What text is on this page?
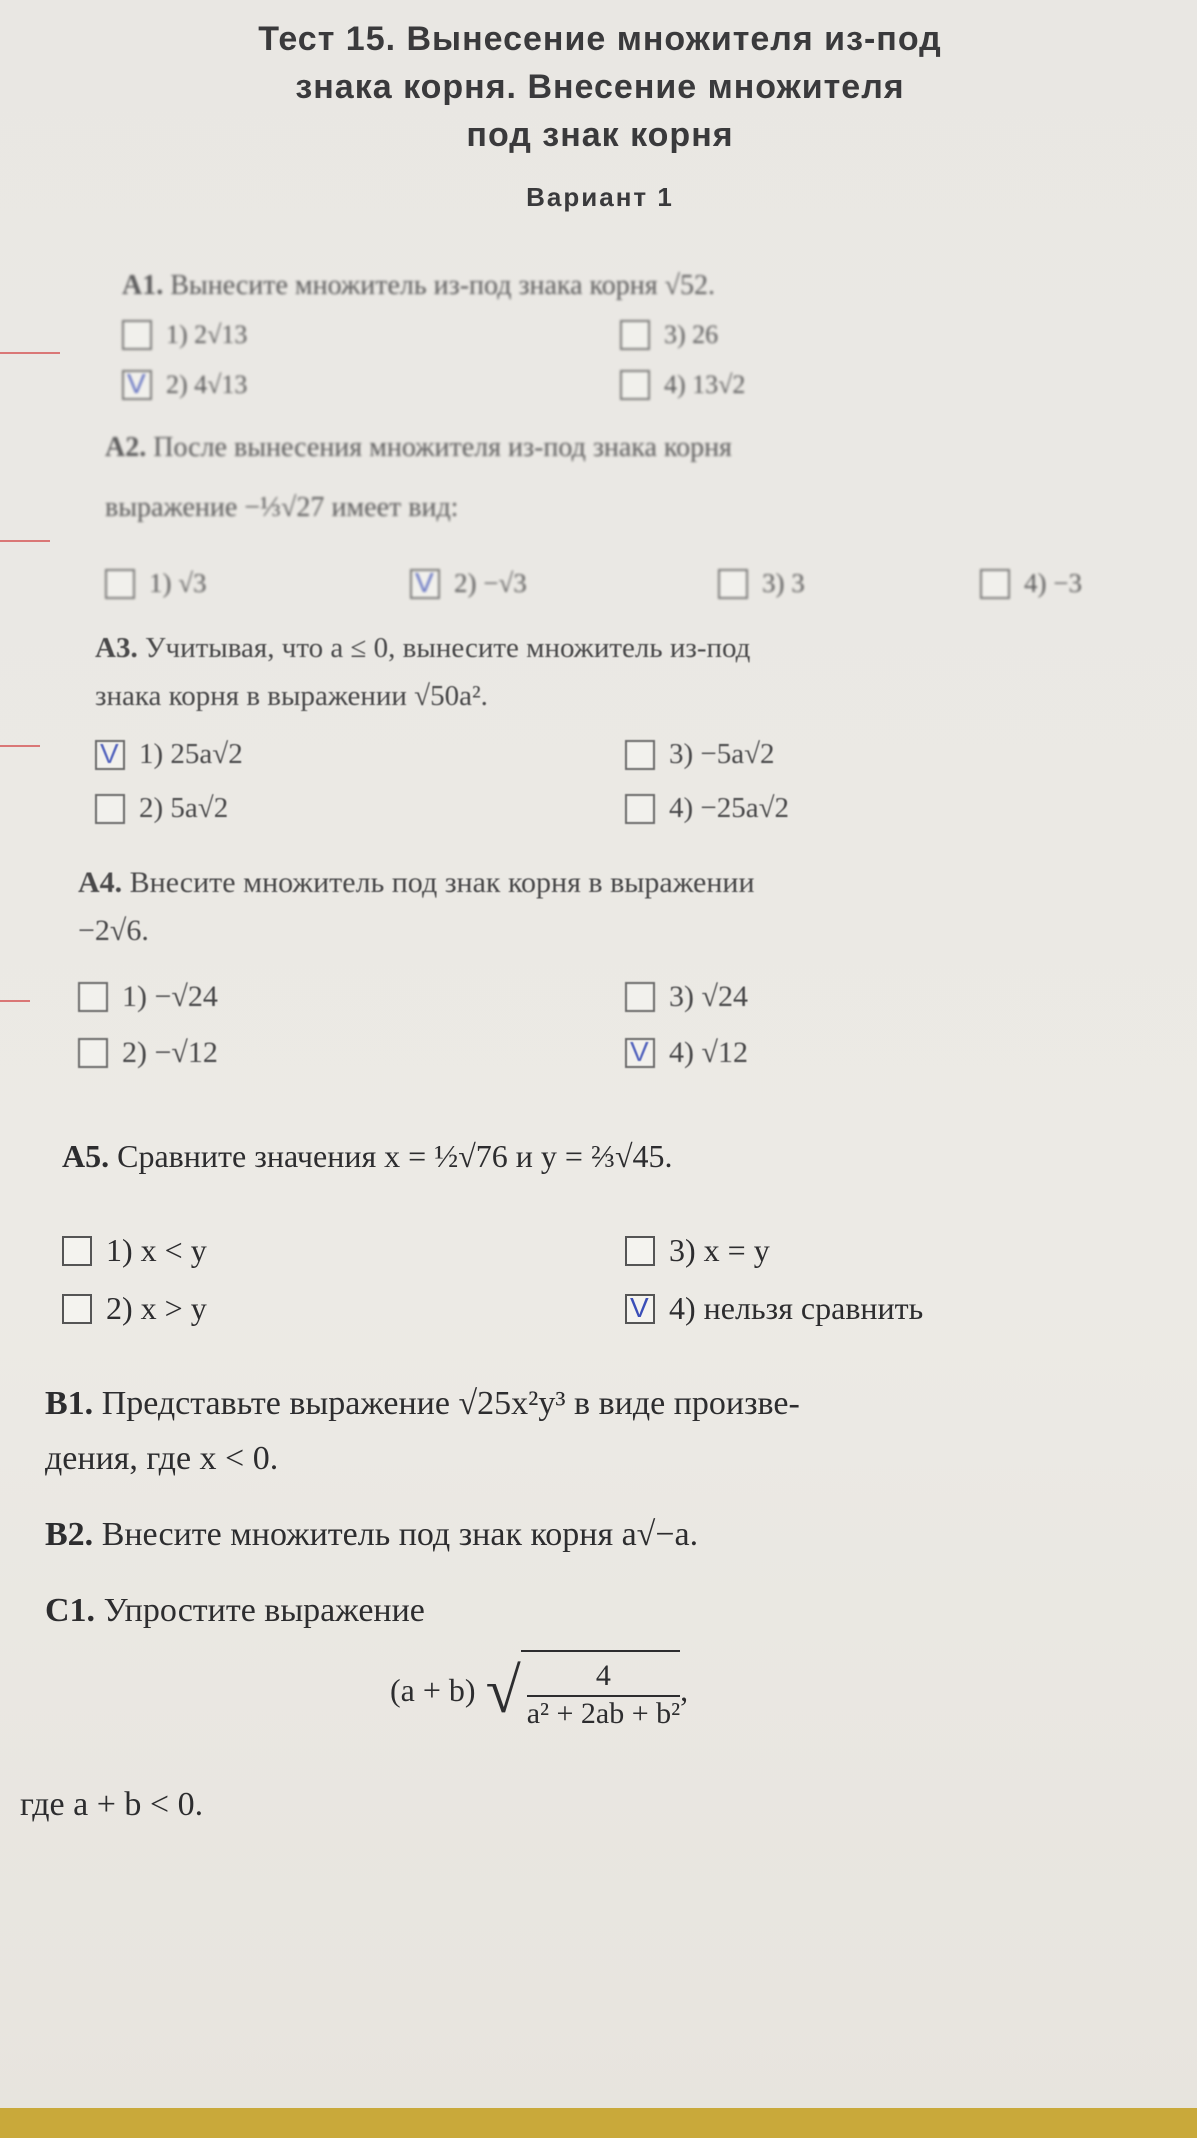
Тест 15. Вынесение множителя из-под
знака корня. Внесение множителя
под знак корня
Вариант 1
А1. Вынесите множитель из-под знака корня √52.
1) 2√13
V
2) 4√13
3) 26
4) 13√2
А2. После вынесения множителя из-под знака корня
выражение −⅓√27 имеет вид:
1) √3 V	2) −√3	3) 3	4) −3
А3. Учитывая, что a ≤ 0, вынесите множитель из-под
знака корня в выражении √50a².
V
1) 25a√2
2) 5a√2
3) −5a√2
4) −25a√2
А4. Внесите множитель под знак корня в выражении
−2√6.
1) −√24
2) −√12
3) √24
V
4) √12
А5. Сравните значения x = ½√76 и y = ⅔√45.
1) x < y
2) x > y
3) x = y
V
4) нельзя сравнить
В1. Представьте выражение √25x²y³ в виде произве-
дения, где x < 0.
В2. Внесите множитель под знак корня a√−a.
С1. Упростите выражение
(a + b) √ $\frac{4}{\text{a² + 2ab + b²}}$ ,
где a + b < 0.
